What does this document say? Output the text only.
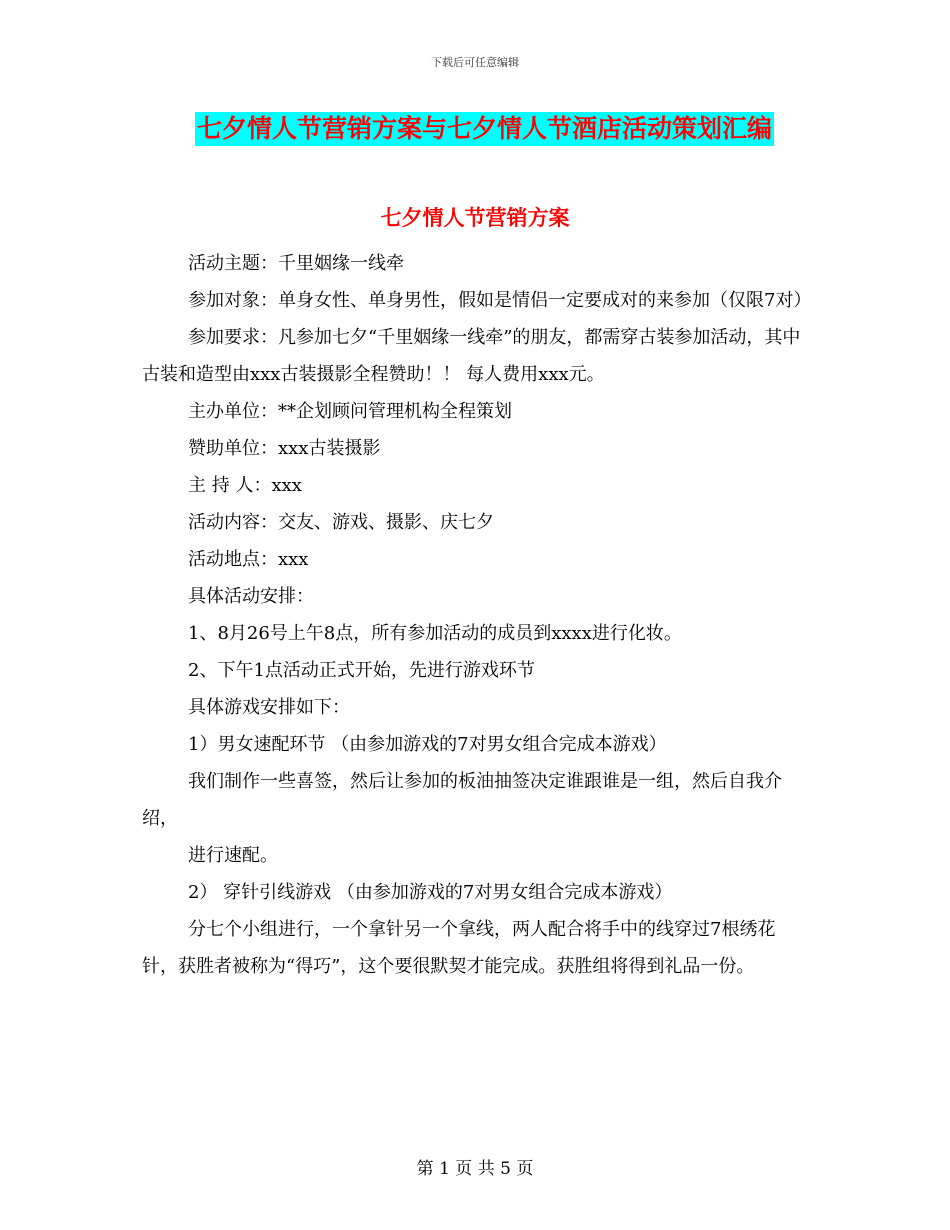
下载后可任意编辑
七夕情人节营销方案与七夕情人节酒店活动策划汇编
七夕情人节营销方案

活动主题：千里姻缘一线牵

参加对象：单身女性、单身男性，假如是情侣一定要成对的来参加（仅限7对）

参加要求：凡参加七夕“千里姻缘一线牵”的朋友，都需穿古装参加活动，其中古装和造型由xxx古装摄影全程赞助！！ 每人费用xxx元。

主办单位：**企划顾问管理机构全程策划

赞助单位：xxx古装摄影

主 持 人：xxx

活动内容：交友、游戏、摄影、庆七夕

活动地点：xxx

具体活动安排：

1、8月26号上午8点，所有参加活动的成员到xxxx进行化妆。

2、下午1点活动正式开始，先进行游戏环节

具体游戏安排如下：

1）男女速配环节 （由参加游戏的7对男女组合完成本游戏）

我们制作一些喜签，然后让参加的板油抽签决定谁跟谁是一组，然后自我介绍，

进行速配。

2） 穿针引线游戏 （由参加游戏的7对男女组合完成本游戏）

分七个小组进行，一个拿针另一个拿线，两人配合将手中的线穿过7根绣花针，获胜者被称为“得巧”，这个要很默契才能完成。获胜组将得到礼品一份。

第 1 页 共 5 页
